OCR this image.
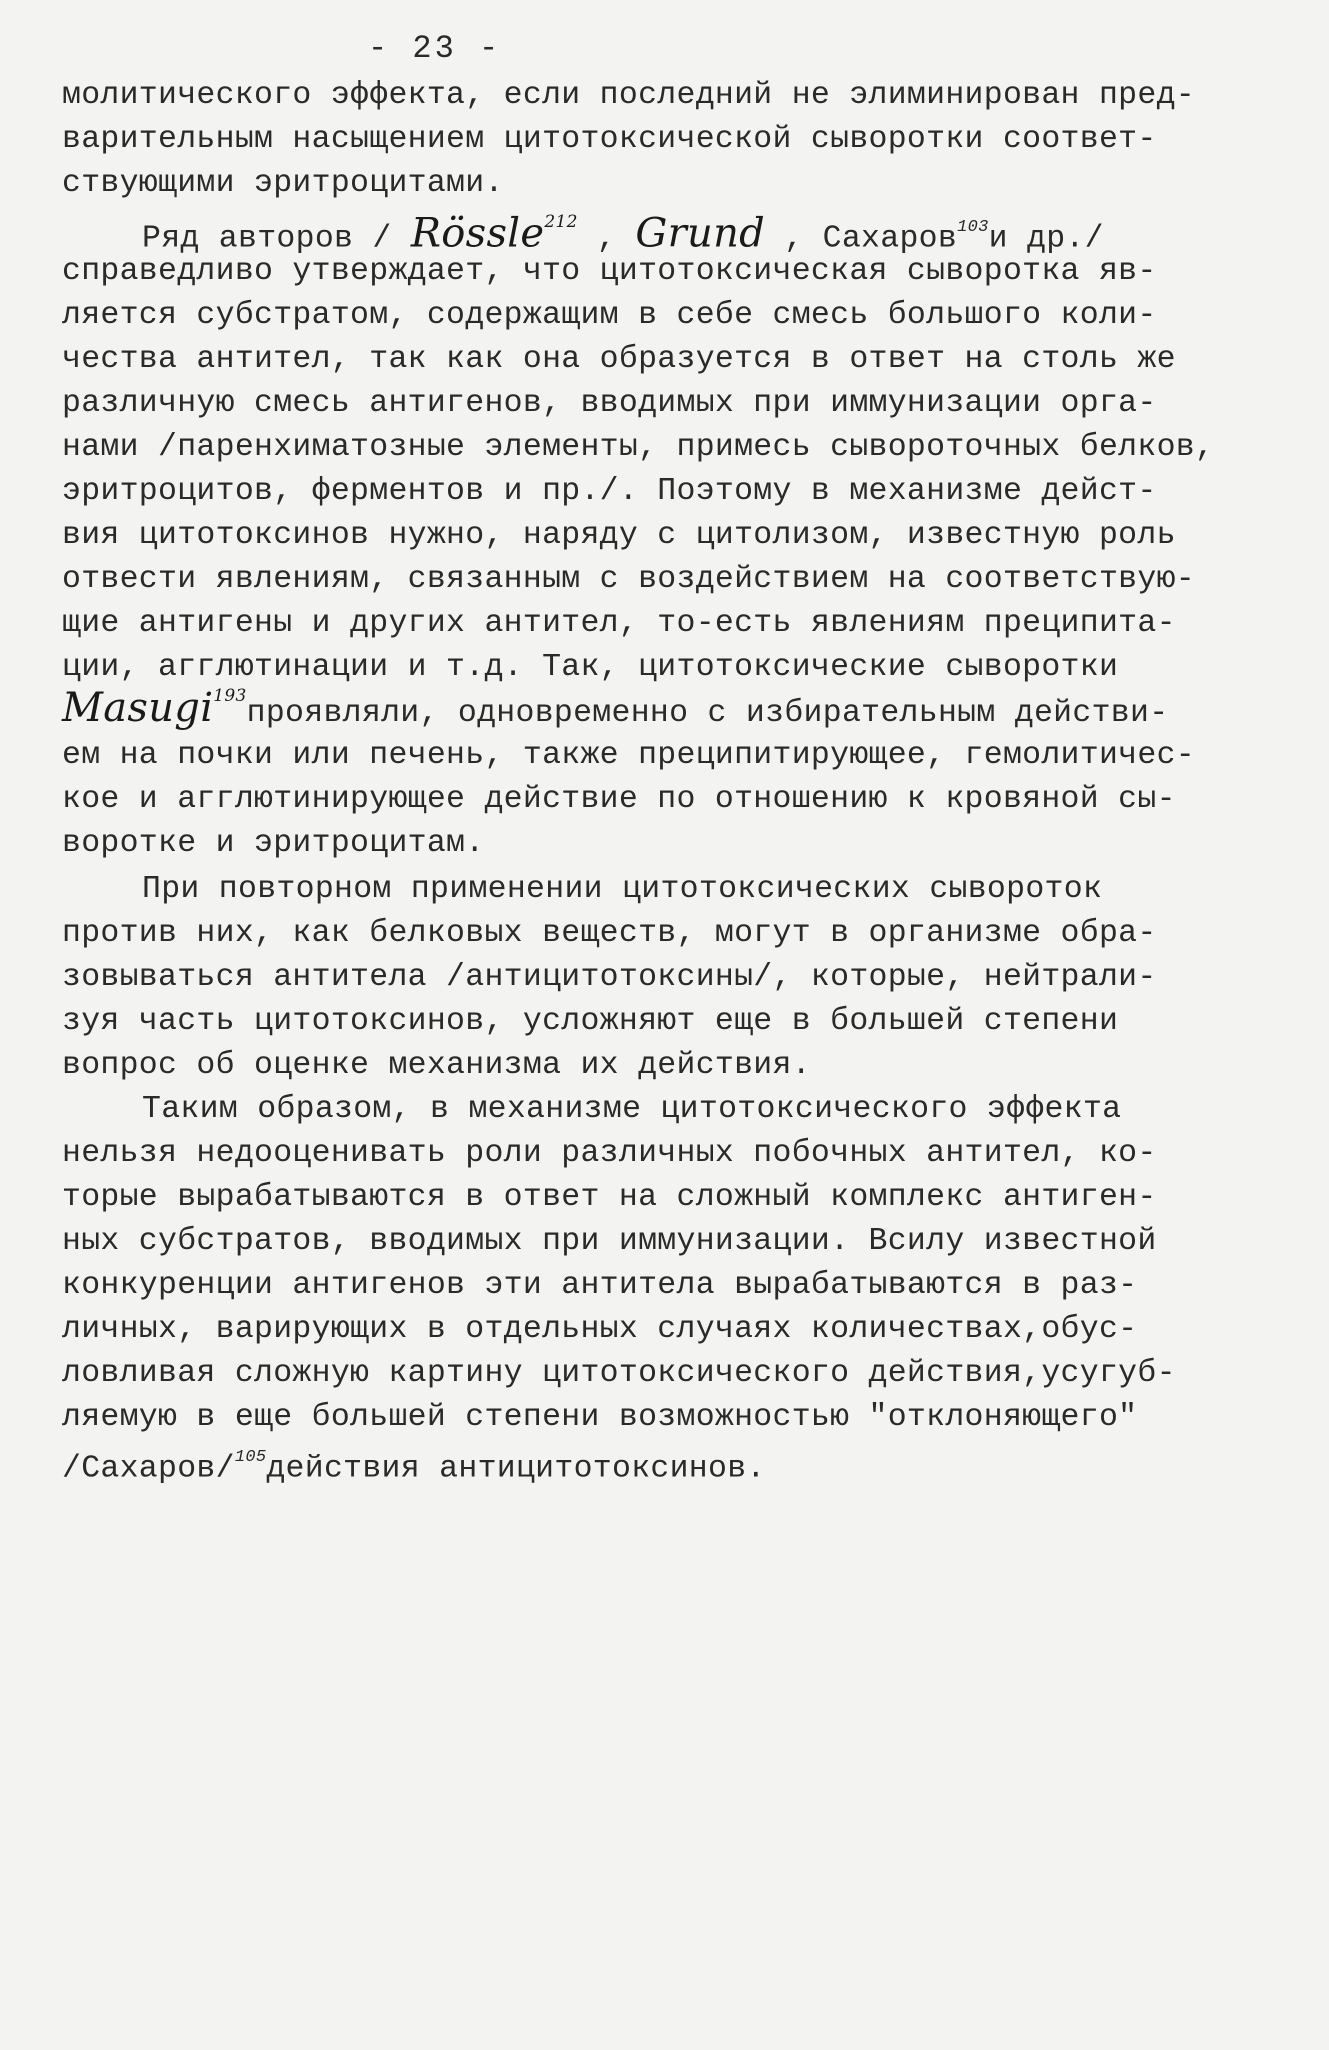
- 23 -
молитического эффекта, если последний не элиминирован пред-
варительным насыщением цитотоксической сыворотки соответ-
ствующими эритроцитами.
Ряд авторов / Rössle$^{212}$ , Grund , Сахаров$^{103}$и др./
справедливо утверждает, что цитотоксическая сыворотка яв-
ляется субстратом, содержащим в себе смесь большого коли-
чества антител, так как она образуется в ответ на столь же
различную смесь антигенов, вводимых при иммунизации орга-
нами /паренхиматозные элементы, примесь сывороточных белков,
эритроцитов, ферментов и пр./. Поэтому в механизме дейст-
вия цитотоксинов нужно, наряду с цитолизом, известную роль
отвести явлениям, связанным с воздействием на соответствую-
щие антигены и других антител, то-есть явлениям преципита-
ции, агглютинации и т.д. Так, цитотоксические сыворотки
Masugi$^{193}$проявляли, одновременно с избирательным действи-
ем на почки или печень, также преципитирующее, гемолитичес-
кое и агглютинирующее действие по отношению к кровяной сы-
воротке и эритроцитам.
При повторном применении цитотоксических сывороток
против них, как белковых веществ, могут в организме обра-
зовываться антитела /антицитотоксины/, которые, нейтрали-
зуя часть цитотоксинов, усложняют еще в большей степени
вопрос об оценке механизма их действия.
Таким образом, в механизме цитотоксического эффекта
нельзя недооценивать роли различных побочных антител, ко-
торые вырабатываются в ответ на сложный комплекс антиген-
ных субстратов, вводимых при иммунизации. Всилу известной
конкуренции антигенов эти антитела вырабатываются в раз-
личных, варирующих в отдельных случаях количествах,обус-
ловливая сложную картину цитотоксического действия,усугуб-
ляемую в еще большей степени возможностью "отклоняющего"
/Сахаров/$^{105}$действия антицитотоксинов.
